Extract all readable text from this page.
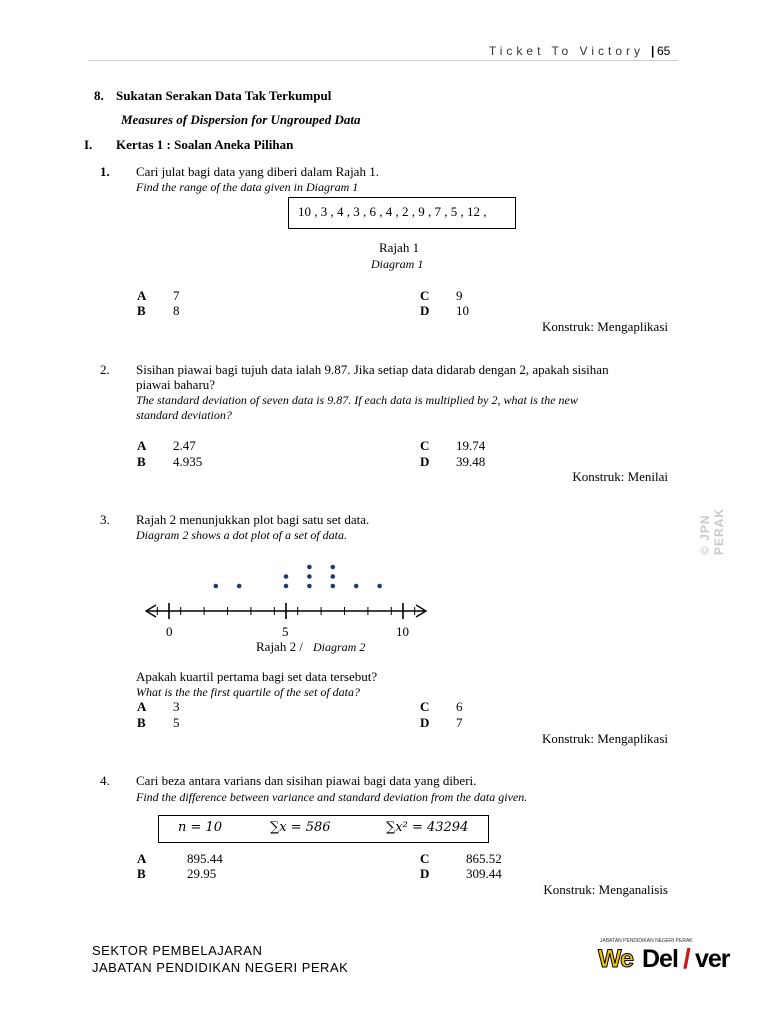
Ticket To Victory | 65
8. Sukatan Serakan Data Tak Terkumpul
Measures of Dispersion for Ungrouped Data
I. Kertas 1 : Soalan Aneka Pilihan
1. Cari julat bagi data yang diberi dalam Rajah 1.
Find the range of the data given in Diagram 1
10 , 3 , 4 , 3 , 6 , 4 , 2 , 9 , 7 , 5 , 12 ,
Rajah 1
Diagram 1
A 7
B 8
C 9
D 10
Konstruk: Mengaplikasi
2. Sisihan piawai bagi tujuh data ialah 9.87. Jika setiap data didarab dengan 2, apakah sisihan
piawai baharu?
The standard deviation of seven data is 9.87. If each data is multiplied by 2, what is the new
standard deviation?
A 2.47
B 4.935
C 19.74
D 39.48
Konstruk: Menilai
© JPN PERAK
3. Rajah 2 menunjukkan plot bagi satu set data.
Diagram 2 shows a dot plot of a set of data.
0	5	10
Rajah 2 / Diagram 2
Apakah kuartil pertama bagi set data tersebut?
What is the the first quartile of the set of data?
A 3
B 5
C 6
D 7
Konstruk: Mengaplikasi
4. Cari beza antara varians dan sisihan piawai bagi data yang diberi.
Find the difference between variance and standard deviation from the data given.
n = 10	∑x = 586	∑x² = 43294
A	895.44
B	29.95
C	865.52
D	309.44
Konstruk: Menganalisis
SEKTOR PEMBELAJARAN
JABATAN PENDIDIKAN NEGERI PERAK
JABATAN PENDIDIKAN NEGERI PERAK
We Del / ver
